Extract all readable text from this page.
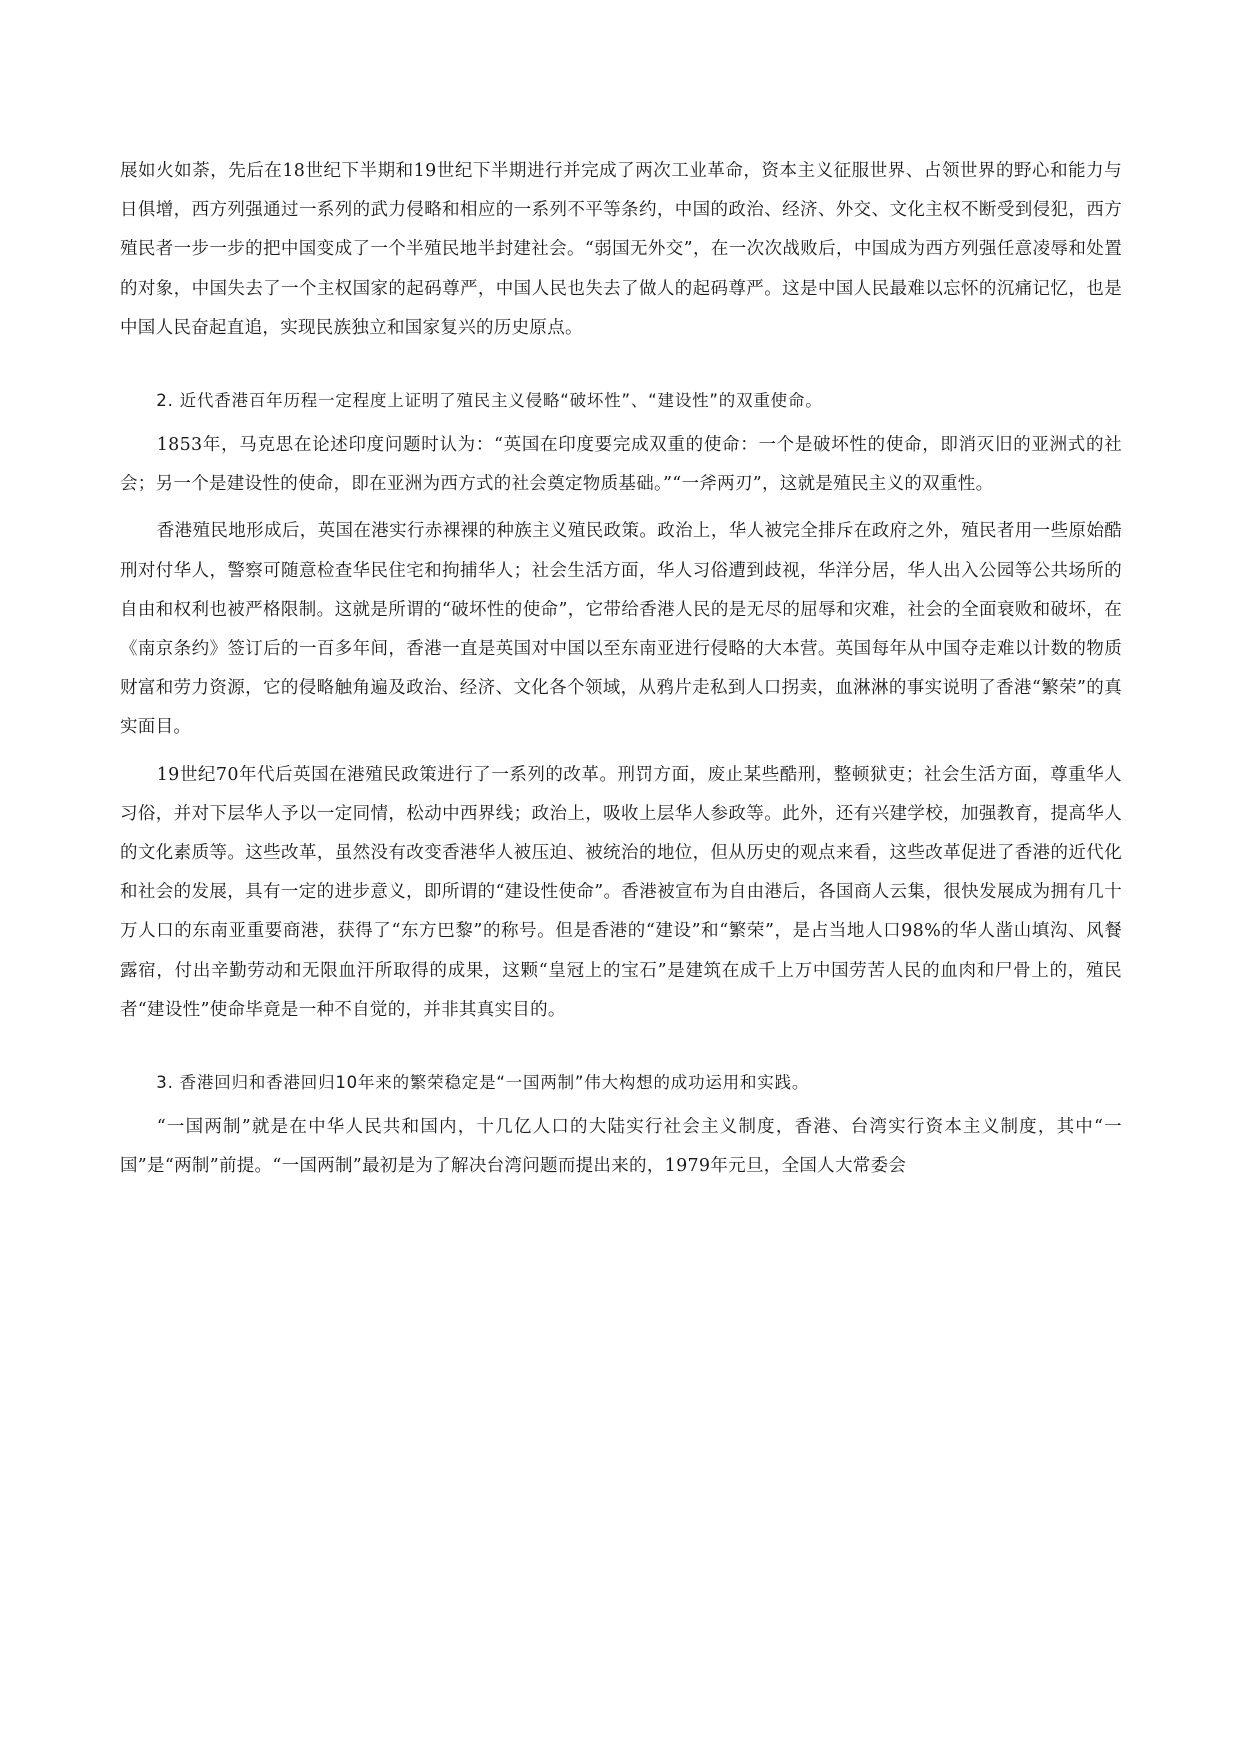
展如火如荼，先后在18世纪下半期和19世纪下半期进行并完成了两次工业革命，资本主义征服世界、占领世界的野心和能力与日俱增，西方列强通过一系列的武力侵略和相应的一系列不平等条约，中国的政治、经济、外交、文化主权不断受到侵犯，西方殖民者一步一步的把中国变成了一个半殖民地半封建社会。“弱国无外交”，在一次次战败后，中国成为西方列强任意凌辱和处置的对象，中国失去了一个主权国家的起码尊严，中国人民也失去了做人的起码尊严。这是中国人民最难以忘怀的沉痛记忆，也是中国人民奋起直追，实现民族独立和国家复兴的历史原点。

2. 近代香港百年历程一定程度上证明了殖民主义侵略“破坏性”、“建设性”的双重使命。

1853年，马克思在论述印度问题时认为：“英国在印度要完成双重的使命：一个是破坏性的使命，即消灭旧的亚洲式的社会；另一个是建设性的使命，即在亚洲为西方式的社会奠定物质基础。”“一斧两刃”，这就是殖民主义的双重性。

香港殖民地形成后，英国在港实行赤裸裸的种族主义殖民政策。政治上，华人被完全排斥在政府之外，殖民者用一些原始酷刑对付华人，警察可随意检查华民住宅和拘捕华人；社会生活方面，华人习俗遭到歧视，华洋分居，华人出入公园等公共场所的自由和权利也被严格限制。这就是所谓的“破坏性的使命”，它带给香港人民的是无尽的屈辱和灾难，社会的全面衰败和破坏，在《南京条约》签订后的一百多年间，香港一直是英国对中国以至东南亚进行侵略的大本营。英国每年从中国夺走难以计数的物质财富和劳力资源，它的侵略触角遍及政治、经济、文化各个领域，从鸦片走私到人口拐卖，血淋淋的事实说明了香港“繁荣”的真实面目。

19世纪70年代后英国在港殖民政策进行了一系列的改革。刑罚方面，废止某些酷刑，整顿狱吏；社会生活方面，尊重华人习俗，并对下层华人予以一定同情，松动中西界线；政治上，吸收上层华人参政等。此外，还有兴建学校，加强教育，提高华人的文化素质等。这些改革，虽然没有改变香港华人被压迫、被统治的地位，但从历史的观点来看，这些改革促进了香港的近代化和社会的发展，具有一定的进步意义，即所谓的“建设性使命”。香港被宣布为自由港后，各国商人云集，很快发展成为拥有几十万人口的东南亚重要商港，获得了“东方巴黎”的称号。但是香港的“建设”和“繁荣”，是占当地人口98%的华人凿山填沟、风餐露宿，付出辛勤劳动和无限血汗所取得的成果，这颗“皇冠上的宝石”是建筑在成千上万中国劳苦人民的血肉和尸骨上的，殖民者“建设性”使命毕竟是一种不自觉的，并非其真实目的。

3. 香港回归和香港回归10年来的繁荣稳定是“一国两制”伟大构想的成功运用和实践。

“一国两制”就是在中华人民共和国内，十几亿人口的大陆实行社会主义制度，香港、台湾实行资本主义制度，其中“一国”是“两制”前提。“一国两制”最初是为了解决台湾问题而提出来的，1979年元旦，全国人大常委会
